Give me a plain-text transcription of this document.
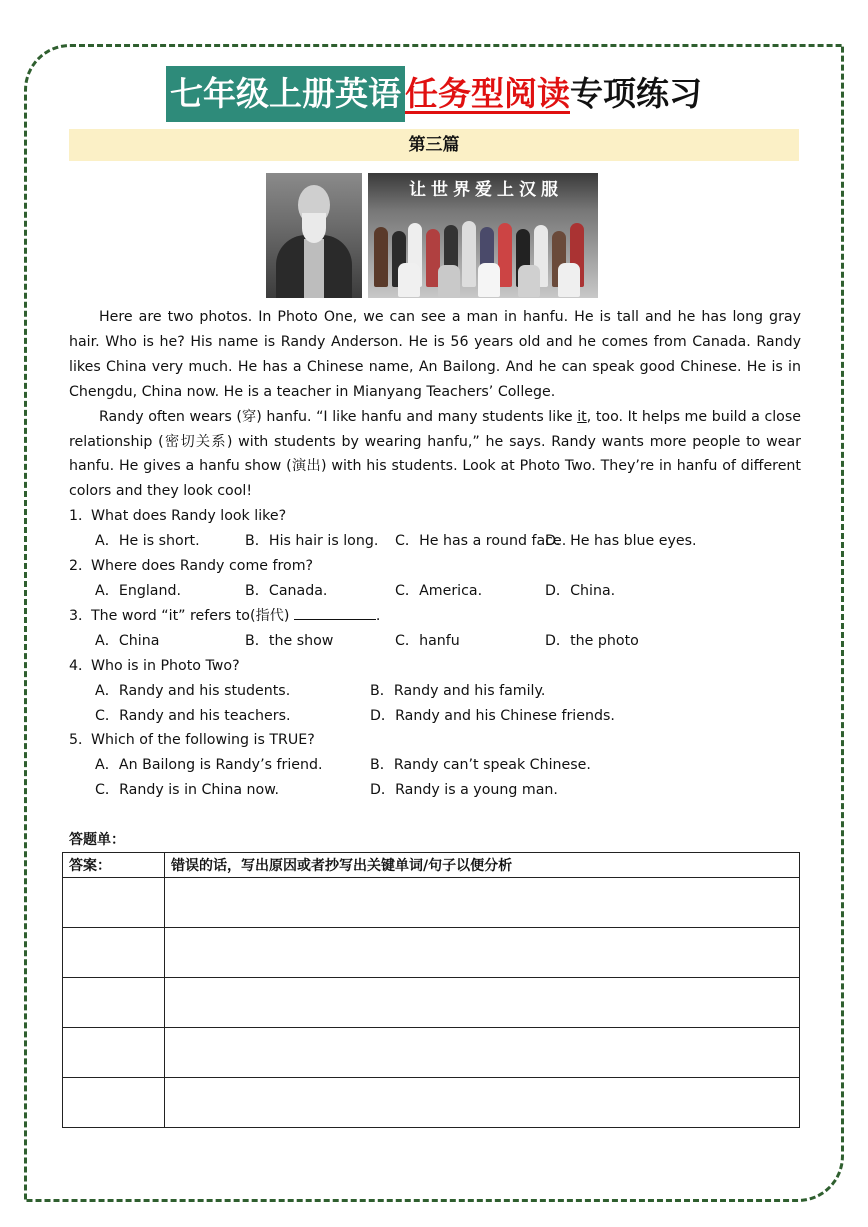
七年级上册英语 任务型阅读专项练习
第三篇
让世界爱上汉服

Here are two photos. In Photo One, we can see a man in hanfu. He is tall and he has long gray hair. Who is he? His name is Randy Anderson. He is 56 years old and he comes from Canada. Randy likes China very much. He has a Chinese name, An Bailong. And he can speak good Chinese. He is in Chengdu, China now. He is a teacher in Mianyang Teachers’ College.

Randy often wears (穿) hanfu. “I like hanfu and many students like it, too. It helps me build a close relationship (密切关系) with students by wearing hanfu,” he says. Randy wants more people to wear hanfu. He gives a hanfu show (演出) with his students. Look at Photo Two. They’re in hanfu of different colors and they look cool!

1．What does Randy look like?
A．He is short.	B．His hair is long.	C．He has a round face.
D．He has blue eyes.
2．Where does Randy come from?
A．England.	B．Canada.	C．America.	D．China.
3．The word “it” refers to(指代)	.
A．China	B．the show	C．hanfu	D．the photo
4．Who is in Photo Two?
A．Randy and his students.	B．Randy and his family.
C．Randy and his teachers.	D．Randy and his Chinese friends.
5．Which of the following is TRUE?
A．An Bailong is Randy’s friend.	B．Randy can’t speak Chinese.
C．Randy is in China now.	D．Randy is a young man.
答题单：
答案：	错误的话，写出原因或者抄写出关键单词/句子以便分析
